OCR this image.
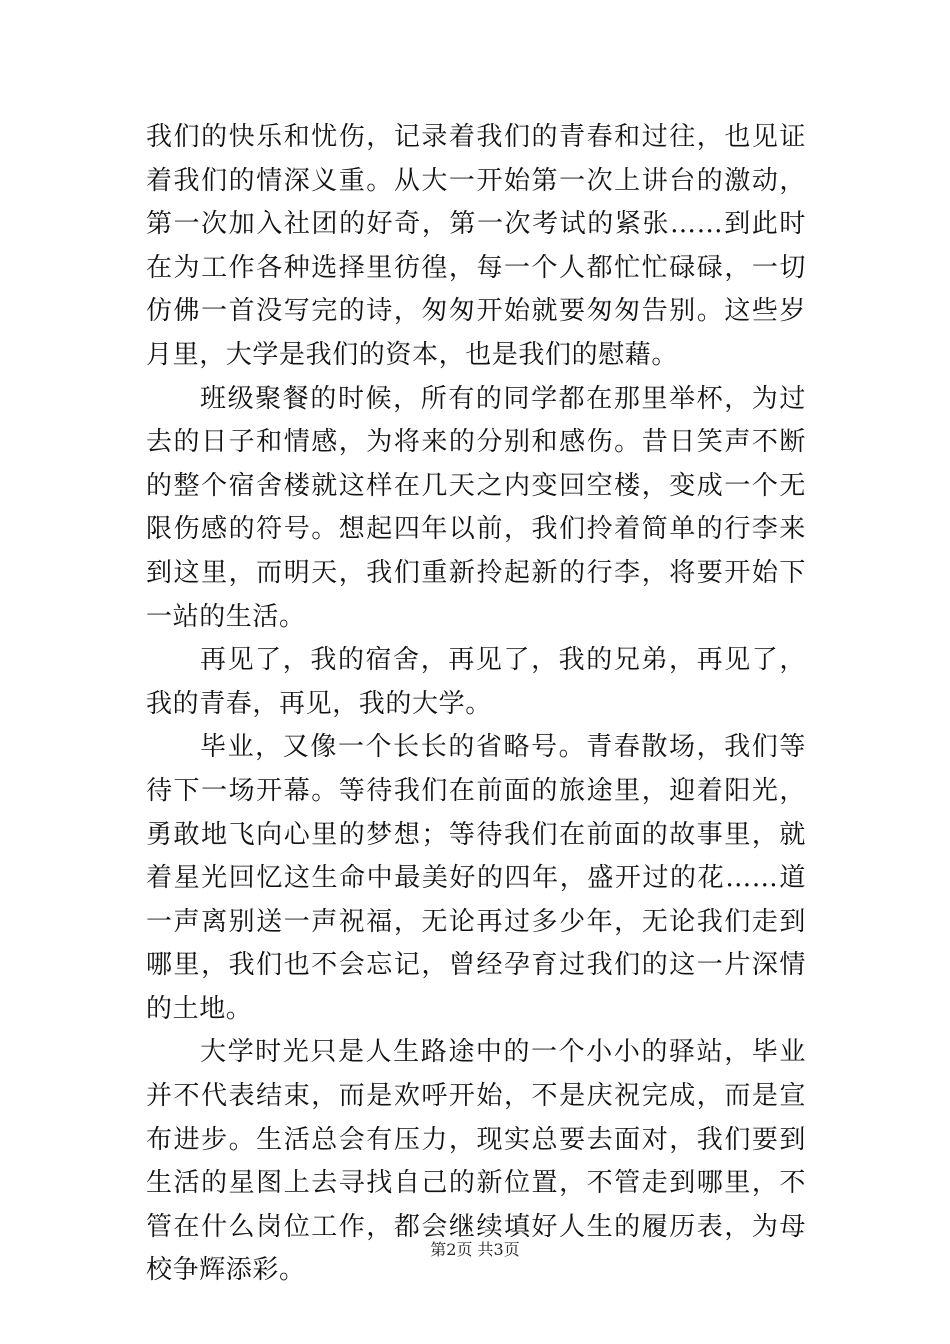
我们的快乐和忧伤，记录着我们的青春和过往，也见证着我们的情深义重。从大一开始第一次上讲台的激动，第一次加入社团的好奇，第一次考试的紧张……到此时在为工作各种选择里彷徨，每一个人都忙忙碌碌，一切仿佛一首没写完的诗，匆匆开始就要匆匆告别。这些岁月里，大学是我们的资本，也是我们的慰藉。

班级聚餐的时候，所有的同学都在那里举杯，为过去的日子和情感，为将来的分别和感伤。昔日笑声不断的整个宿舍楼就这样在几天之内变回空楼，变成一个无限伤感的符号。想起四年以前，我们拎着简单的行李来到这里，而明天，我们重新拎起新的行李，将要开始下一站的生活。

再见了，我的宿舍，再见了，我的兄弟，再见了，我的青春，再见，我的大学。

毕业，又像一个长长的省略号。青春散场，我们等待下一场开幕。等待我们在前面的旅途里，迎着阳光，勇敢地飞向心里的梦想；等待我们在前面的故事里，就着星光回忆这生命中最美好的四年，盛开过的花……道一声离别送一声祝福，无论再过多少年，无论我们走到哪里，我们也不会忘记，曾经孕育过我们的这一片深情的土地。

大学时光只是人生路途中的一个小小的驿站，毕业并不代表结束，而是欢呼开始，不是庆祝完成，而是宣布进步。生活总会有压力，现实总要去面对，我们要到生活的星图上去寻找自己的新位置，不管走到哪里，不管在什么岗位工作，都会继续填好人生的履历表，为母校争辉添彩。

第2页 共3页
